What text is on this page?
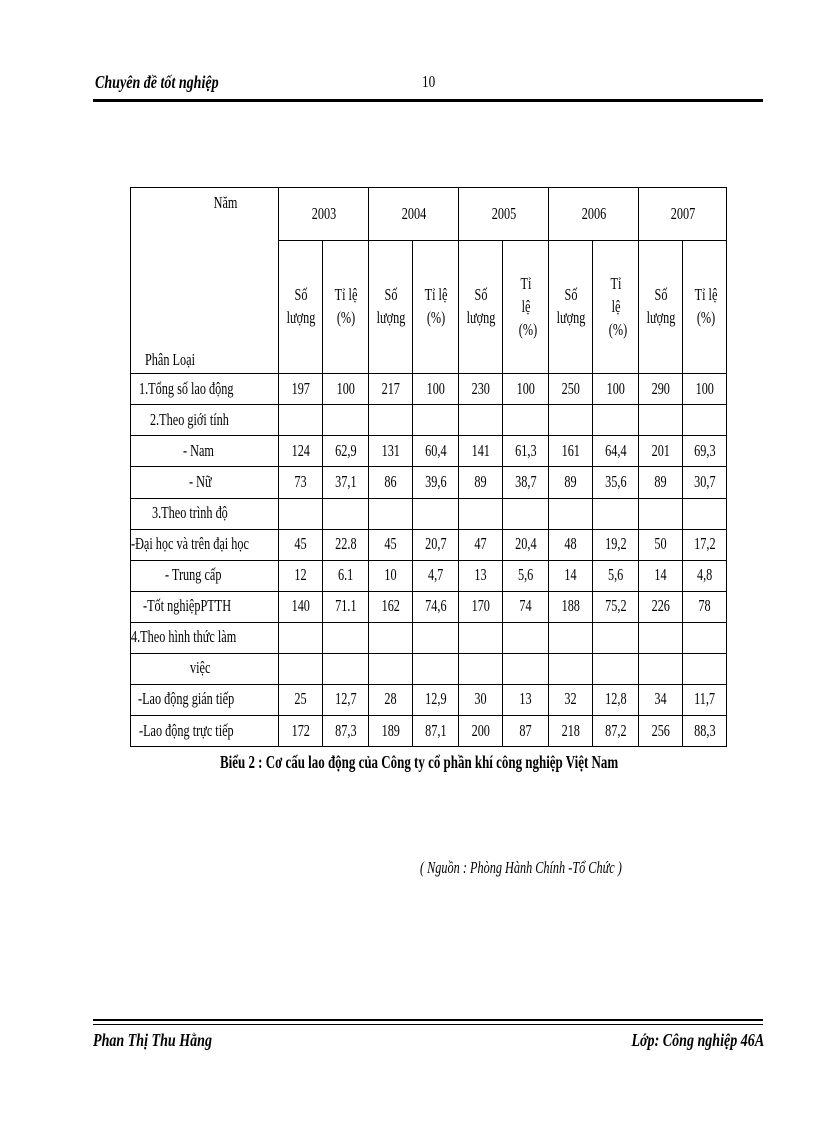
Chuyên đề tốt nghiệp	10
Năm
Phân Loại	2003		2004		2005		2006		2007	
	Số lượng	Tỉ lệ (%)	Số lượng	Tỉ lệ (%)	Số lượng	Tỉ lệ (%)	Số lượng	Tỉ lệ (%)	Số lượng	Tỉ lệ (%)
1.Tổng số lao động	197	100	217	100	230	100	250	100	290	100
2.Theo giới tính										
- Nam	124	62,9	131	60,4	141	61,3	161	64,4	201	69,3
- Nữ	73	37,1	86	39,6	89	38,7	89	35,6	89	30,7
3.Theo trình độ										
-Đại học và trên đại học	45	22.8	45	20,7	47	20,4	48	19,2	50	17,2
- Trung cấp	12	6.1	10	4,7	13	5,6	14	5,6	14	4,8
-Tốt nghiệpPTTH	140	71.1	162	74,6	170	74	188	75,2	226	78
4.Theo hình thức làm										
việc										
-Lao động gián tiếp	25	12,7	28	12,9	30	13	32	12,8	34	11,7
-Lao động trực tiếp	172	87,3	189	87,1	200	87	218	87,2	256	88,3
Biểu 2 : Cơ cấu lao động của Công ty cổ phần khí công nghiệp Việt Nam
( Nguồn : Phòng Hành Chính -Tổ Chức )
Phan Thị Thu Hằng	Lớp: Công nghiệp 46A
